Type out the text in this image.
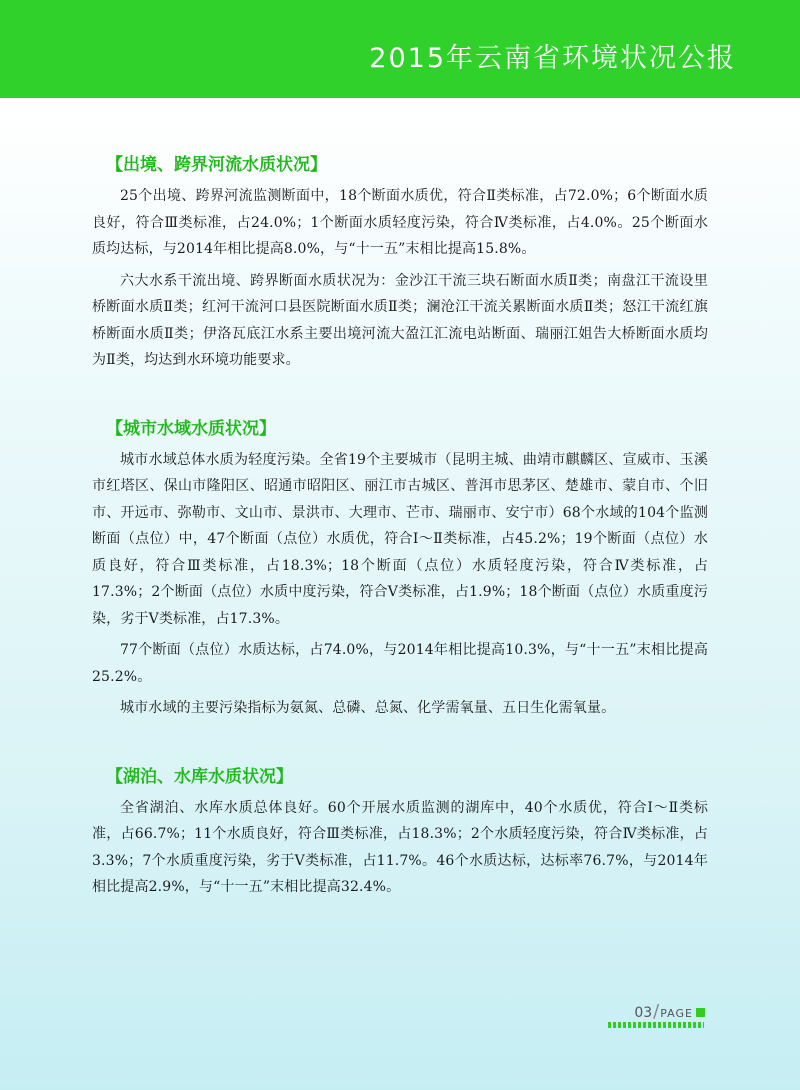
2015年云南省环境状况公报
【出境、跨界河流水质状况】

25个出境、跨界河流监测断面中，18个断面水质优，符合Ⅱ类标准，占72.0%；6个断面水质良好，符合Ⅲ类标准，占24.0%；1个断面水质轻度污染，符合Ⅳ类标准，占4.0%。25个断面水质均达标，与2014年相比提高8.0%，与“十一五”末相比提高15.8%。

六大水系干流出境、跨界断面水质状况为：金沙江干流三块石断面水质Ⅱ类；南盘江干流设里桥断面水质Ⅱ类；红河干流河口县医院断面水质Ⅱ类；澜沧江干流关累断面水质Ⅱ类；怒江干流红旗桥断面水质Ⅱ类；伊洛瓦底江水系主要出境河流大盈江汇流电站断面、瑞丽江姐告大桥断面水质均为Ⅱ类，均达到水环境功能要求。

【城市水域水质状况】

城市水域总体水质为轻度污染。全省19个主要城市（昆明主城、曲靖市麒麟区、宣威市、玉溪市红塔区、保山市隆阳区、昭通市昭阳区、丽江市古城区、普洱市思茅区、楚雄市、蒙自市、个旧市、开远市、弥勒市、文山市、景洪市、大理市、芒市、瑞丽市、安宁市）68个水域的104个监测断面（点位）中，47个断面（点位）水质优，符合Ⅰ～Ⅱ类标准，占45.2%；19个断面（点位）水质良好，符合Ⅲ类标准，占18.3%；18个断面（点位）水质轻度污染，符合Ⅳ类标准，占17.3%；2个断面（点位）水质中度污染，符合Ⅴ类标准，占1.9%；18个断面（点位）水质重度污染，劣于Ⅴ类标准，占17.3%。

77个断面（点位）水质达标，占74.0%，与2014年相比提高10.3%，与“十一五”末相比提高25.2%。

城市水域的主要污染指标为氨氮、总磷、总氮、化学需氧量、五日生化需氧量。

【湖泊、水库水质状况】

全省湖泊、水库水质总体良好。60个开展水质监测的湖库中，40个水质优，符合Ⅰ～Ⅱ类标准，占66.7%；11个水质良好，符合Ⅲ类标准，占18.3%；2个水质轻度污染，符合Ⅳ类标准，占3.3%；7个水质重度污染，劣于Ⅴ类标准，占11.7%。46个水质达标，达标率76.7%，与2014年相比提高2.9%，与“十一五”末相比提高32.4%。

03/PAGE
